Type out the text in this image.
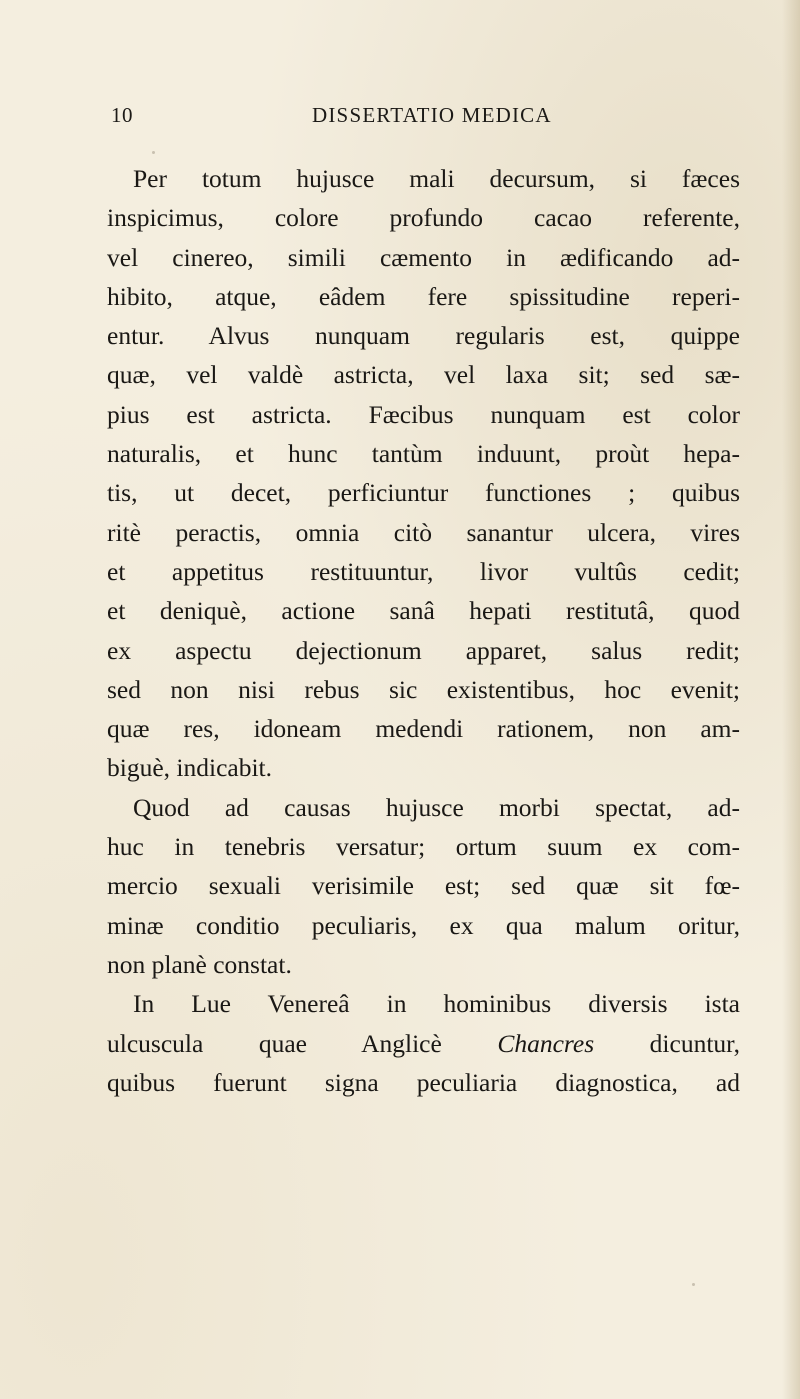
10	DISSERTATIO MEDICA
Per totum hujusce mali decursum, si fæces
inspicimus, colore profundo cacao referente,
vel cinereo, simili cæmento in ædificando ad-
hibito, atque, eâdem fere spissitudine reperi-
entur. Alvus nunquam regularis est, quippe
quæ, vel valdè astricta, vel laxa sit; sed sæ-
pius est astricta. Fæcibus nunquam est color
naturalis, et hunc tantùm induunt, proùt hepa-
tis, ut decet, perficiuntur functiones ; quibus
ritè peractis, omnia citò sanantur ulcera, vires
et appetitus restituuntur, livor vultûs cedit;
et deniquè, actione sanâ hepati restitutâ, quod
ex aspectu dejectionum apparet, salus redit;
sed non nisi rebus sic existentibus, hoc evenit;
quæ res, idoneam medendi rationem, non am-
biguè, indicabit.
Quod ad causas hujusce morbi spectat, ad-
huc in tenebris versatur; ortum suum ex com-
mercio sexuali verisimile est; sed quæ sit fœ-
minæ conditio peculiaris, ex qua malum oritur,
non planè constat.
In Lue Venereâ in hominibus diversis ista
ulcuscula quae Anglicè Chancres dicuntur,
quibus fuerunt signa peculiaria diagnostica, ad
